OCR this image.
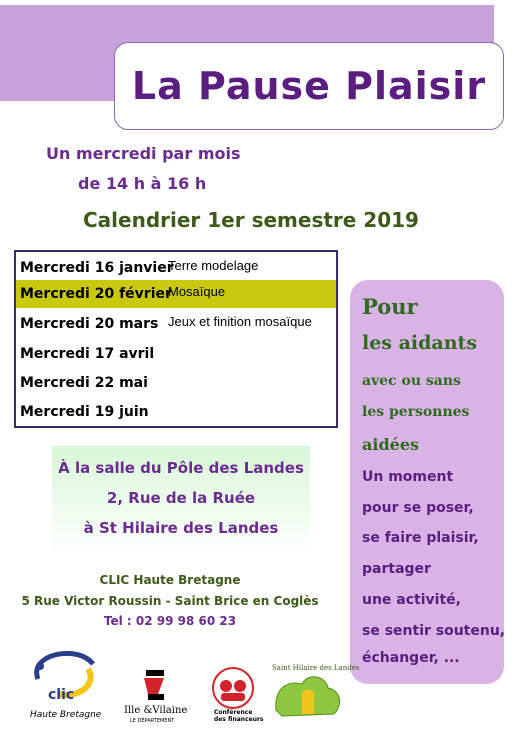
La Pause Plaisir
Un mercredi par mois
de 14 h à 16 h
Calendrier 1er semestre 2019
Mercredi 16 janvier
Terre modelage
Mercredi 20 février
Mosaïque
Mercredi 20 mars Jeux et finition mosaïque
Mercredi 17 avril
Mercredi 22 mai
Mercredi 19 juin
À la salle du Pôle des Landes
2, Rue de la Ruée
à St Hilaire des Landes
Pour
les aidants
avec ou sans
les personnes
aidées
Un moment
pour se poser,
se faire plaisir,
partager
une activité,
se sentir soutenu,
échanger, ...
CLIC Haute Bretagne
5 Rue Victor Roussin - Saint Brice en Coglès
Tel : 02 99 98 60 23
clic
Haute Bretagne Ille &Vilaine
LE DÉPARTEMENT
Conférence
des financeurs
Saint Hilaire des Landes
